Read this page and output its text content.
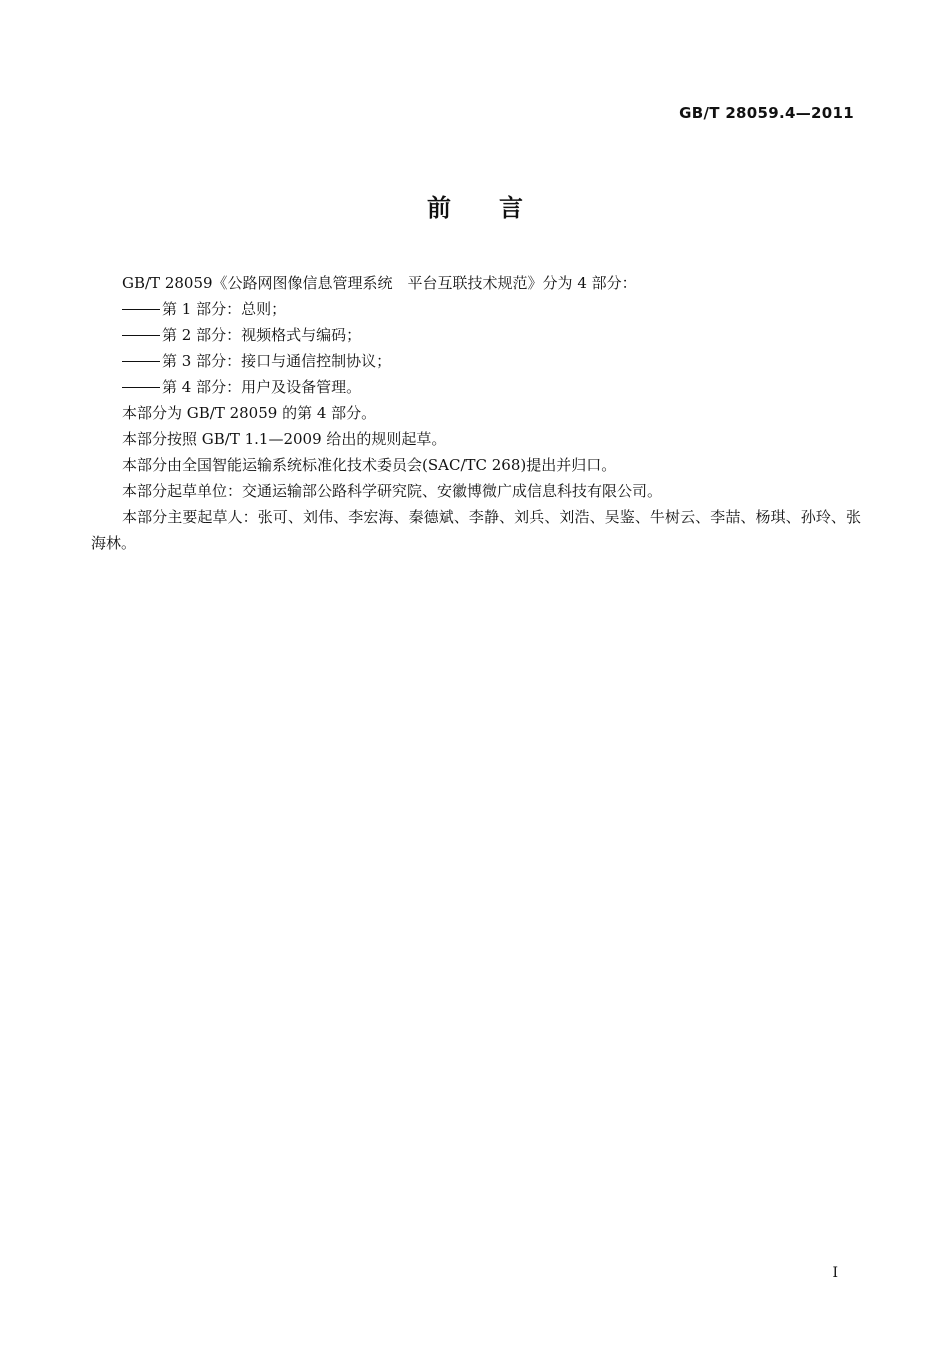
GB/T 28059.4—2011
前言

GB/T 28059《公路网图像信息管理系统　平台互联技术规范》分为 4 部分：

第 1 部分：总则；

第 2 部分：视频格式与编码；

第 3 部分：接口与通信控制协议；

第 4 部分：用户及设备管理。

本部分为 GB/T 28059 的第 4 部分。

本部分按照 GB/T 1.1—2009 给出的规则起草。

本部分由全国智能运输系统标准化技术委员会(SAC/TC 268)提出并归口。

本部分起草单位：交通运输部公路科学研究院、安徽博微广成信息科技有限公司。

本部分主要起草人：张可、刘伟、李宏海、秦德斌、李静、刘兵、刘浩、吴鉴、牛树云、李喆、杨琪、孙玲、张海林。

I
